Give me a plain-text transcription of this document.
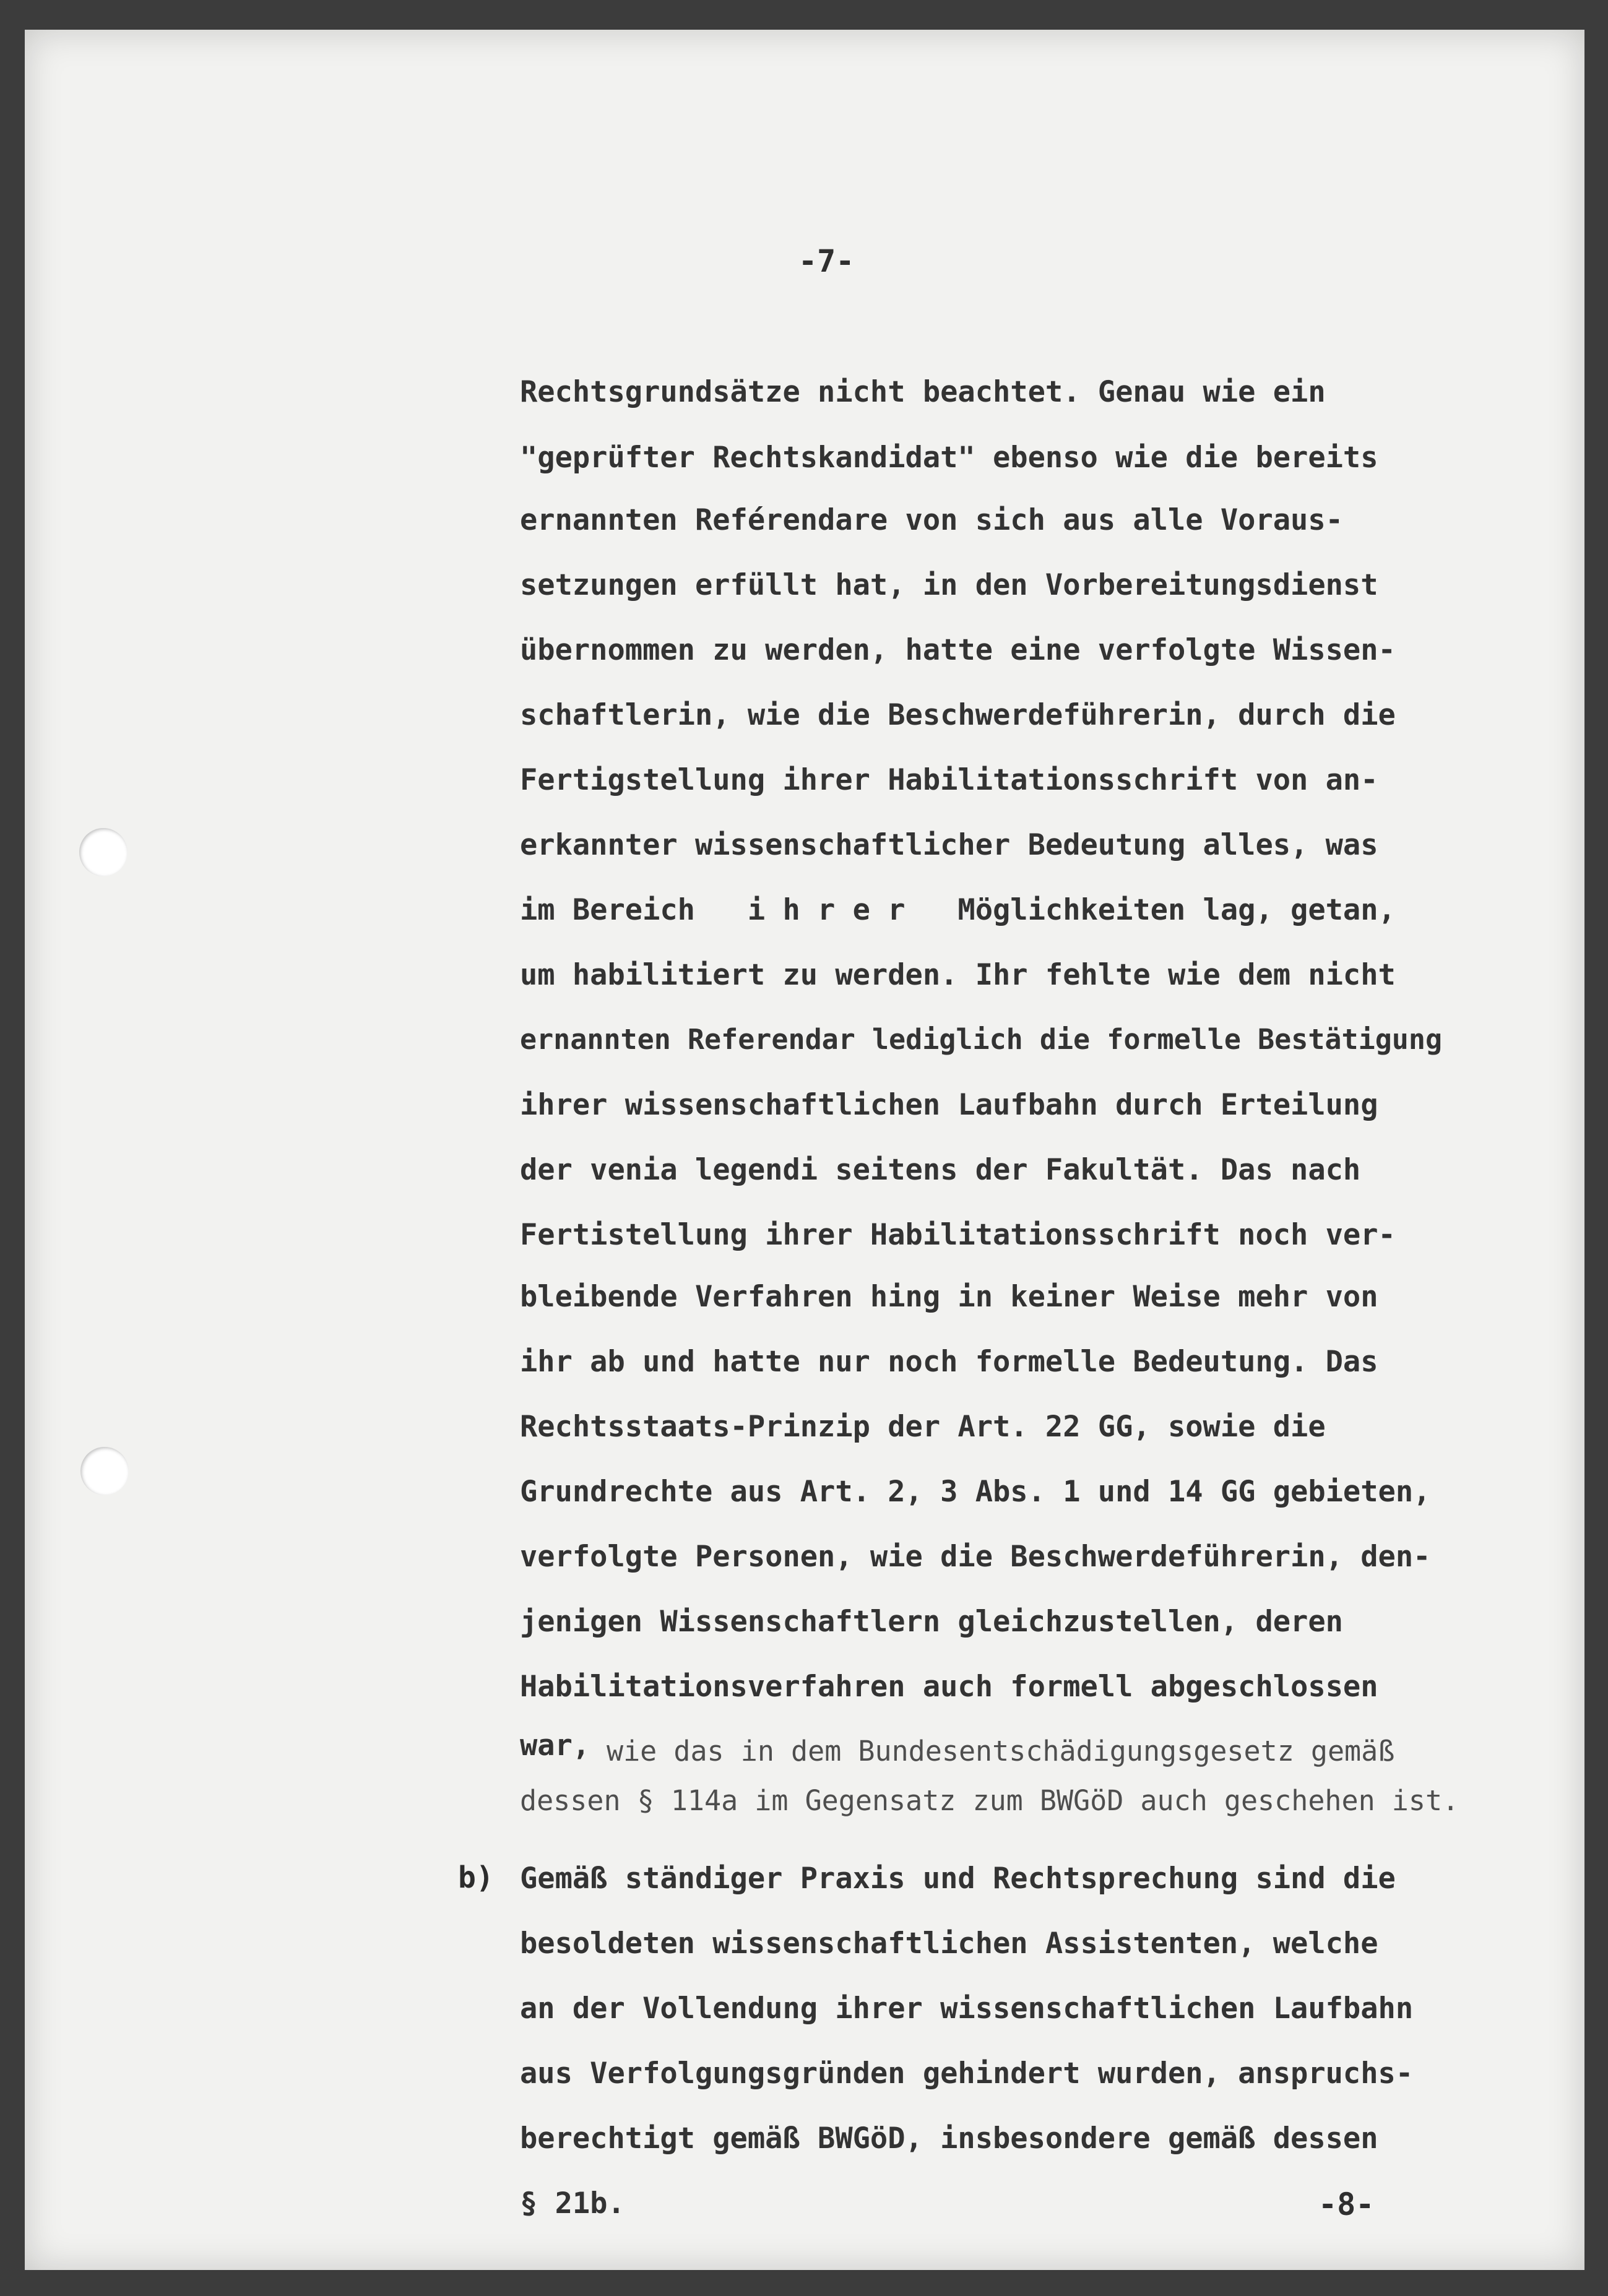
-7-
Rechtsgrundsätze nicht beachtet. Genau wie ein
"geprüfter Rechtskandidat" ebenso wie die bereits
ernannten Reférendare von sich aus alle Voraus-
setzungen erfüllt hat, in den Vorbereitungsdienst
übernommen zu werden, hatte eine verfolgte Wissen-
schaftlerin, wie die Beschwerdeführerin, durch die
Fertigstellung ihrer Habilitationsschrift von an-
erkannter wissenschaftlicher Bedeutung alles, was
im Bereich   i h r e r   Möglichkeiten lag, getan,
um habilitiert zu werden. Ihr fehlte wie dem nicht
ernannten Referendar lediglich die formelle Bestätigung
ihrer wissenschaftlichen Laufbahn durch Erteilung
der venia legendi seitens der Fakultät. Das nach
Fertistellung ihrer Habilitationsschrift noch ver-
bleibende Verfahren hing in keiner Weise mehr von
ihr ab und hatte nur noch formelle Bedeutung. Das
Rechtsstaats-Prinzip der Art. 22 GG, sowie die
Grundrechte aus Art. 2, 3 Abs. 1 und 14 GG gebieten,
verfolgte Personen, wie die Beschwerdeführerin, den-
jenigen Wissenschaftlern gleichzustellen, deren
Habilitationsverfahren auch formell abgeschlossen
war, wie das in dem Bundesentschädigungsgesetz gemäß
dessen § 114a im Gegensatz zum BWGöD auch geschehen ist.
b) Gemäß ständiger Praxis und Rechtsprechung sind die
besoldeten wissenschaftlichen Assistenten, welche
an der Vollendung ihrer wissenschaftlichen Laufbahn
aus Verfolgungsgründen gehindert wurden, anspruchs-
berechtigt gemäß BWGöD, insbesondere gemäß dessen
§ 21b.	-8-
